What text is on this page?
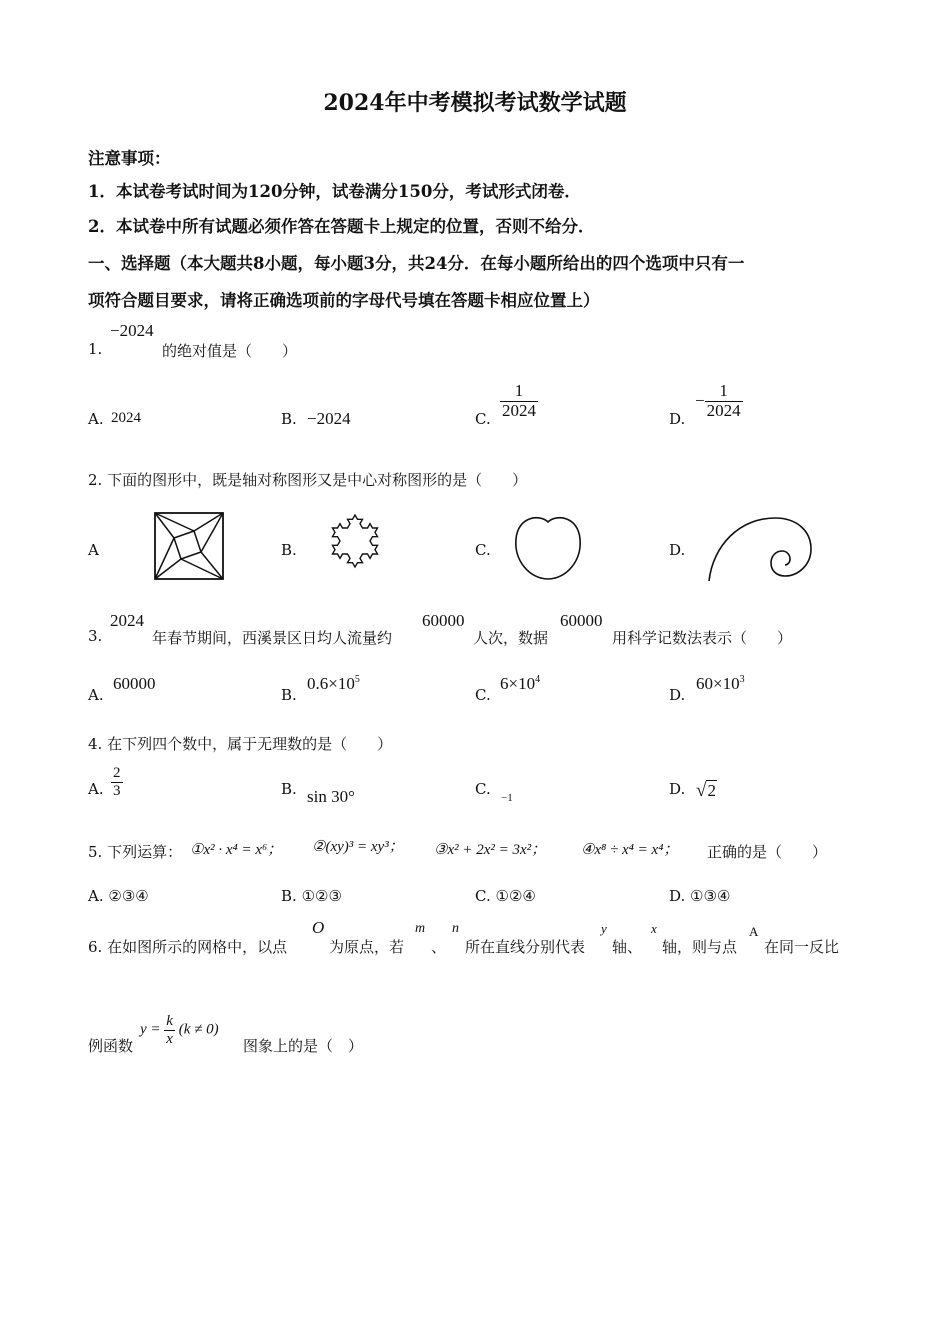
2024年中考模拟考试数学试题
注意事项：
1．本试卷考试时间为120分钟，试卷满分150分，考试形式闭卷．
2．本试卷中所有试题必须作答在答题卡上规定的位置，否则不给分．
一、选择题（本大题共8小题，每小题3分，共24分．在每小题所给出的四个选项中只有一
项符合题目要求，请将正确选项前的字母代号填在答题卡相应位置上）
1.
−2024
的绝对值是（　　）
A. 2024	B. −2024	C. $\frac{1}{2024}$	D.
− $\frac{1}{2024}$
2. 下面的图形中，既是轴对称图形又是中心对称图形的是（　　）
A	B.	C.	D.
3.
2024
年春节期间，西溪景区日均人流量约
60000
人次，数据
60000
用科学记数法表示（　　）
A.
60000
B.
$0.6\times 10^5$
C.
$6\times 10^4$
D.
$60\times 10^3$
4. 在下列四个数中，属于无理数的是（　　）
A. $\frac{2}{3}$	B. sin 30°	C. −1	D. √2
5. 下列运算： ①x² · x⁴ = x⁶； ②(xy)³ = xy³； ③x² + 2x² = 3x²； ④x⁸ ÷ x⁴ = x⁴； 正确的是（　　）
A. ②③④	B. ①②③	C. ①②④	D. ①③④
6. 在如图所示的网格中，以点
O
为原点，若
m
、
n
所在直线分别代表
y
轴、
x
轴，则与点
A
在同一反比
例函数
$y = \frac{k}{x} (k \ne 0)$
图象上的是（　）
